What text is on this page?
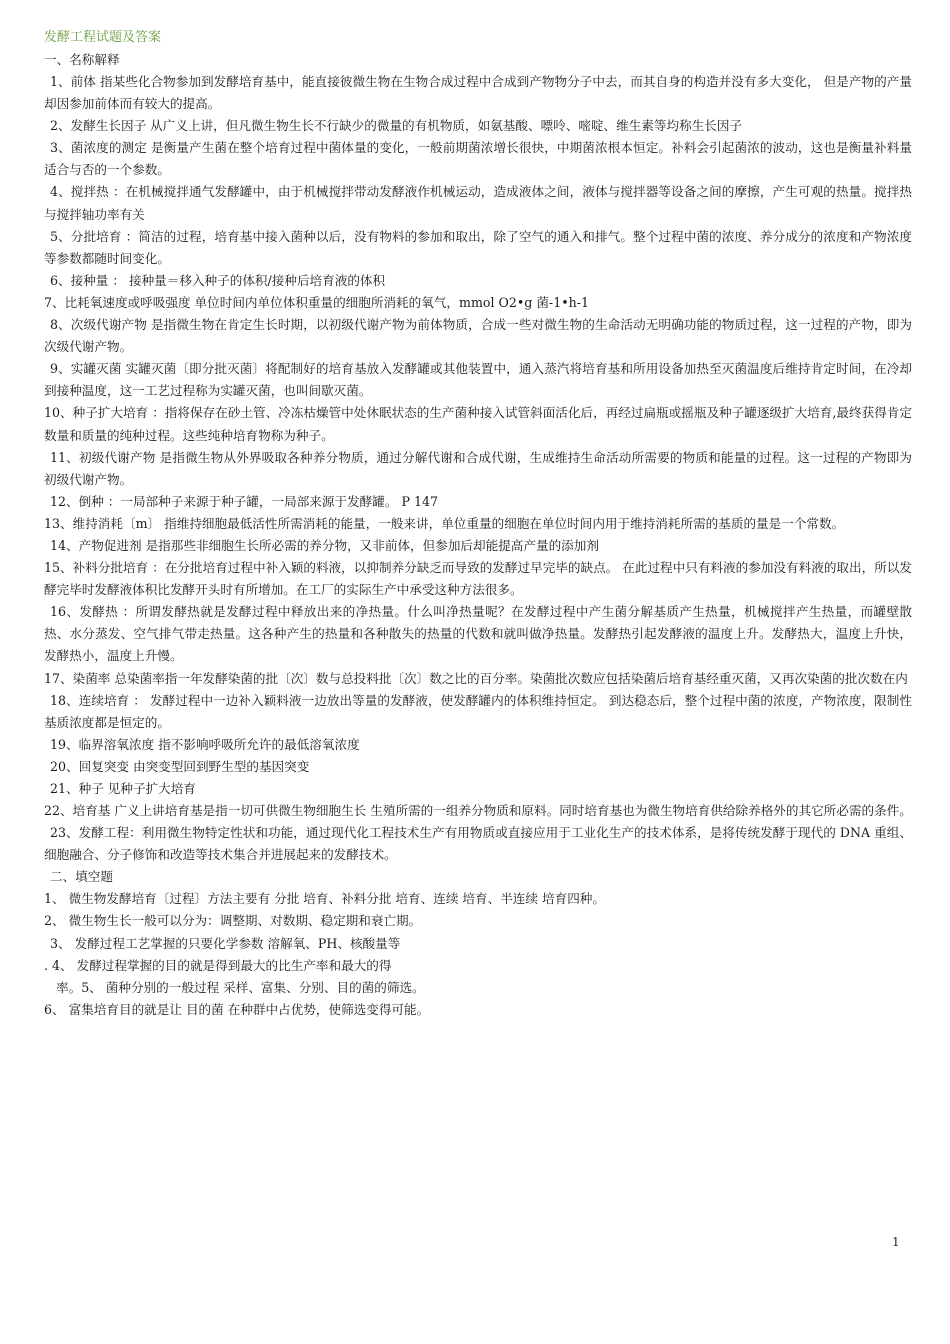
发酵工程试题及答案
一、名称解释
1、前体 指某些化合物参加到发酵培育基中，能直接彼微生物在生物合成过程中合成到产物物分子中去，而其自身的构造并没有多大变化， 但是产物的产量却因参加前体而有较大的提高。
2、发酵生长因子 从广义上讲，但凡微生物生长不行缺少的微量的有机物质，如氨基酸、嘌呤、嘧啶、维生素等均称生长因子
3、菌浓度的测定 是衡量产生菌在整个培育过程中菌体量的变化，一般前期菌浓增长很快，中期菌浓根本恒定。补料会引起菌浓的波动，这也是衡量补料量适合与否的一个参数。
4、搅拌热 ：在机械搅拌通气发酵罐中，由于机械搅拌带动发酵液作机械运动，造成液体之间，液体与搅拌器等设备之间的摩擦，产生可观的热量。搅拌热与搅拌轴功率有关
5、分批培育 ：简洁的过程，培育基中接入菌种以后，没有物料的参加和取出，除了空气的通入和排气。整个过程中菌的浓度、养分成分的浓度和产物浓度等参数都随时间变化。
6、接种量 ： 接种量＝移入种子的体积/接种后培育液的体积
7、比耗氧速度或呼吸强度 单位时间内单位体积重量的细胞所消耗的氧气，mmol O2•g 菌-1•h-1
8、次级代谢产物 是指微生物在肯定生长时期，以初级代谢产物为前体物质，合成一些对微生物的生命活动无明确功能的物质过程，这一过程的产物，即为次级代谢产物。
9、实罐灭菌 实罐灭菌〔即分批灭菌〕将配制好的培育基放入发酵罐或其他装置中，通入蒸汽将培育基和所用设备加热至灭菌温度后维持肯定时间，在冷却到接种温度，这一工艺过程称为实罐灭菌，也叫间歇灭菌。
10、种子扩大培育 ：指将保存在砂土管、冷冻枯燥管中处休眠状态的生产菌种接入试管斜面活化后，再经过扁瓶或摇瓶及种子罐逐级扩大培育,最终获得肯定数量和质量的纯种过程。这些纯种培育物称为种子。
11、初级代谢产物 是指微生物从外界吸取各种养分物质，通过分解代谢和合成代谢，生成维持生命活动所需要的物质和能量的过程。这一过程的产物即为初级代谢产物。
12、倒种 ：一局部种子来源于种子罐，一局部来源于发酵罐。 P 147
13、维持消耗〔m〕 指维持细胞最低活性所需消耗的能量，一般来讲，单位重量的细胞在单位时间内用于维持消耗所需的基质的量是一个常数。
14、产物促进剂 是指那些非细胞生长所必需的养分物，又非前体，但参加后却能提高产量的添加剂
15、补料分批培育 ：在分批培育过程中补入颖的料液，以抑制养分缺乏而导致的发酵过早完毕的缺点。 在此过程中只有料液的参加没有料液的取出，所以发酵完毕时发酵液体积比发酵开头时有所增加。在工厂的实际生产中承受这种方法很多。
16、发酵热 ：所谓发酵热就是发酵过程中释放出来的净热量。什么叫净热量呢？在发酵过程中产生菌分解基质产生热量，机械搅拌产生热量，而罐壁散热、水分蒸发、空气排气带走热量。这各种产生的热量和各种散失的热量的代数和就叫做净热量。发酵热引起发酵液的温度上升。发酵热大，温度上升快，发酵热小，温度上升慢。
17、染菌率 总染菌率指一年发酵染菌的批〔次〕数与总投料批〔次〕数之比的百分率。染菌批次数应包括染菌后培育基经重灭菌，又再次染菌的批次数在内
18、连续培育 ： 发酵过程中一边补入颖料液一边放出等量的发酵液，使发酵罐内的体积维持恒定。 到达稳态后，整个过程中菌的浓度，产物浓度，限制性基质浓度都是恒定的。
19、临界溶氧浓度 指不影响呼吸所允许的最低溶氧浓度
20、回复突变 由突变型回到野生型的基因突变
21、种子 见种子扩大培育
22、培育基 广义上讲培育基是指一切可供微生物细胞生长 生殖所需的一组养分物质和原料。同时培育基也为微生物培育供给除养格外的其它所必需的条件。
23、发酵工程：利用微生物特定性状和功能，通过现代化工程技术生产有用物质或直接应用于工业化生产的技术体系，是将传统发酵于现代的 DNA 重组、细胞融合、分子修饰和改造等技术集合并进展起来的发酵技术。
二、填空题
1、 微生物发酵培育〔过程〕方法主要有 分批 培育、补料分批 培育、连续 培育、半连续 培育四种。
2、 微生物生长一般可以分为：调整期、对数期、稳定期和衰亡期。
3、 发酵过程工艺掌握的只要化学参数 溶解氧、PH、核酸量等
. 4、 发酵过程掌握的目的就是得到最大的比生产率和最大的得
率。5、 菌种分别的一般过程 采样、富集、分别、目的菌的筛选。
6、 富集培育目的就是让 目的菌 在种群中占优势，使筛选变得可能。
1
